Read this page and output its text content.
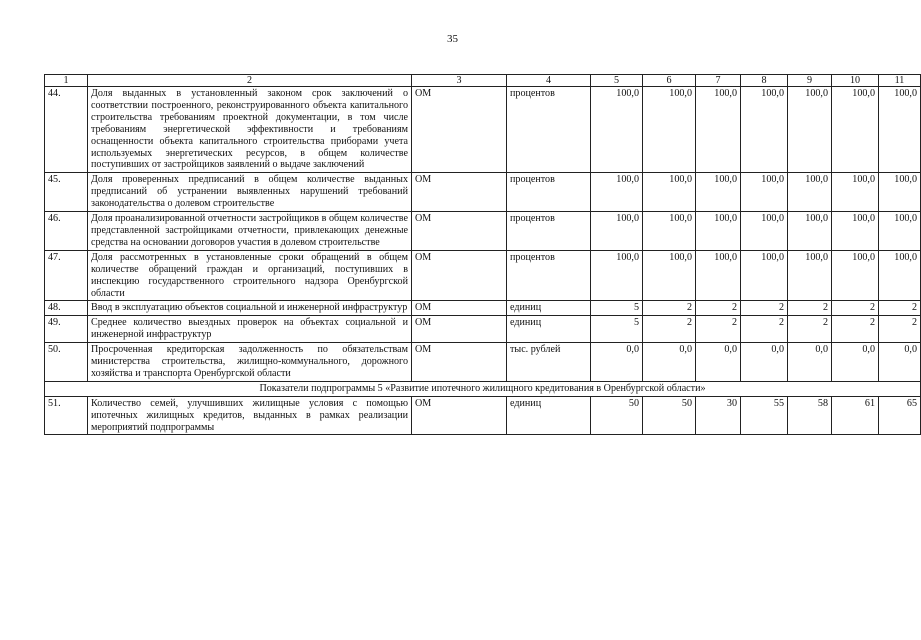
35
1	2	3	4	5	6	7	8	9	10	11
44.	Доля выданных в установленный законом срок заключений о соответствии построенного, реконструированного объекта капитального строительства требованиям проектной документации, в том числе требованиям энергетической эффективности и требованиям оснащенности объекта капитального строительства приборами учета используемых энергетических ресурсов, в общем количестве поступивших от застройщиков заявлений о выдаче заключений	ОМ	процентов	100,0	100,0	100,0	100,0	100,0	100,0	100,0
45.	Доля проверенных предписаний в общем количестве выданных предписаний об устранении выявленных нарушений требований законодательства о долевом строительстве	ОМ	процентов	100,0	100,0	100,0	100,0	100,0	100,0	100,0
46.	Доля проанализированной отчетности застройщиков в общем количестве представленной застройщиками отчетности, привлекающих денежные средства на основании договоров участия в долевом строительстве	ОМ	процентов	100,0	100,0	100,0	100,0	100,0	100,0	100,0
47.	Доля рассмотренных в установленные сроки обращений в общем количестве обращений граждан и организаций, поступивших в инспекцию государственного строительного надзора Оренбургской области	ОМ	процентов	100,0	100,0	100,0	100,0	100,0	100,0	100,0
48.	Ввод в эксплуатацию объектов социальной и инженерной инфраструктур	ОМ	единиц	5	2	2	2	2	2	2
49.	Среднее количество выездных проверок на объектах социальной и инженерной инфраструктур	ОМ	единиц	5	2	2	2	2	2	2
50.	Просроченная кредиторская задолженность по обязательствам министерства строительства, жилищно-коммунального, дорожного хозяйства и транспорта Оренбургской области	ОМ	тыс. рублей	0,0	0,0	0,0	0,0	0,0	0,0	0,0
Показатели подпрограммы 5 «Развитие ипотечного жилищного кредитования в Оренбургской области»										
51.	Количество семей, улучшивших жилищные условия с помощью ипотечных жилищных кредитов, выданных в рамках реализации мероприятий подпрограммы	ОМ	единиц	50	50	30	55	58	61	65
